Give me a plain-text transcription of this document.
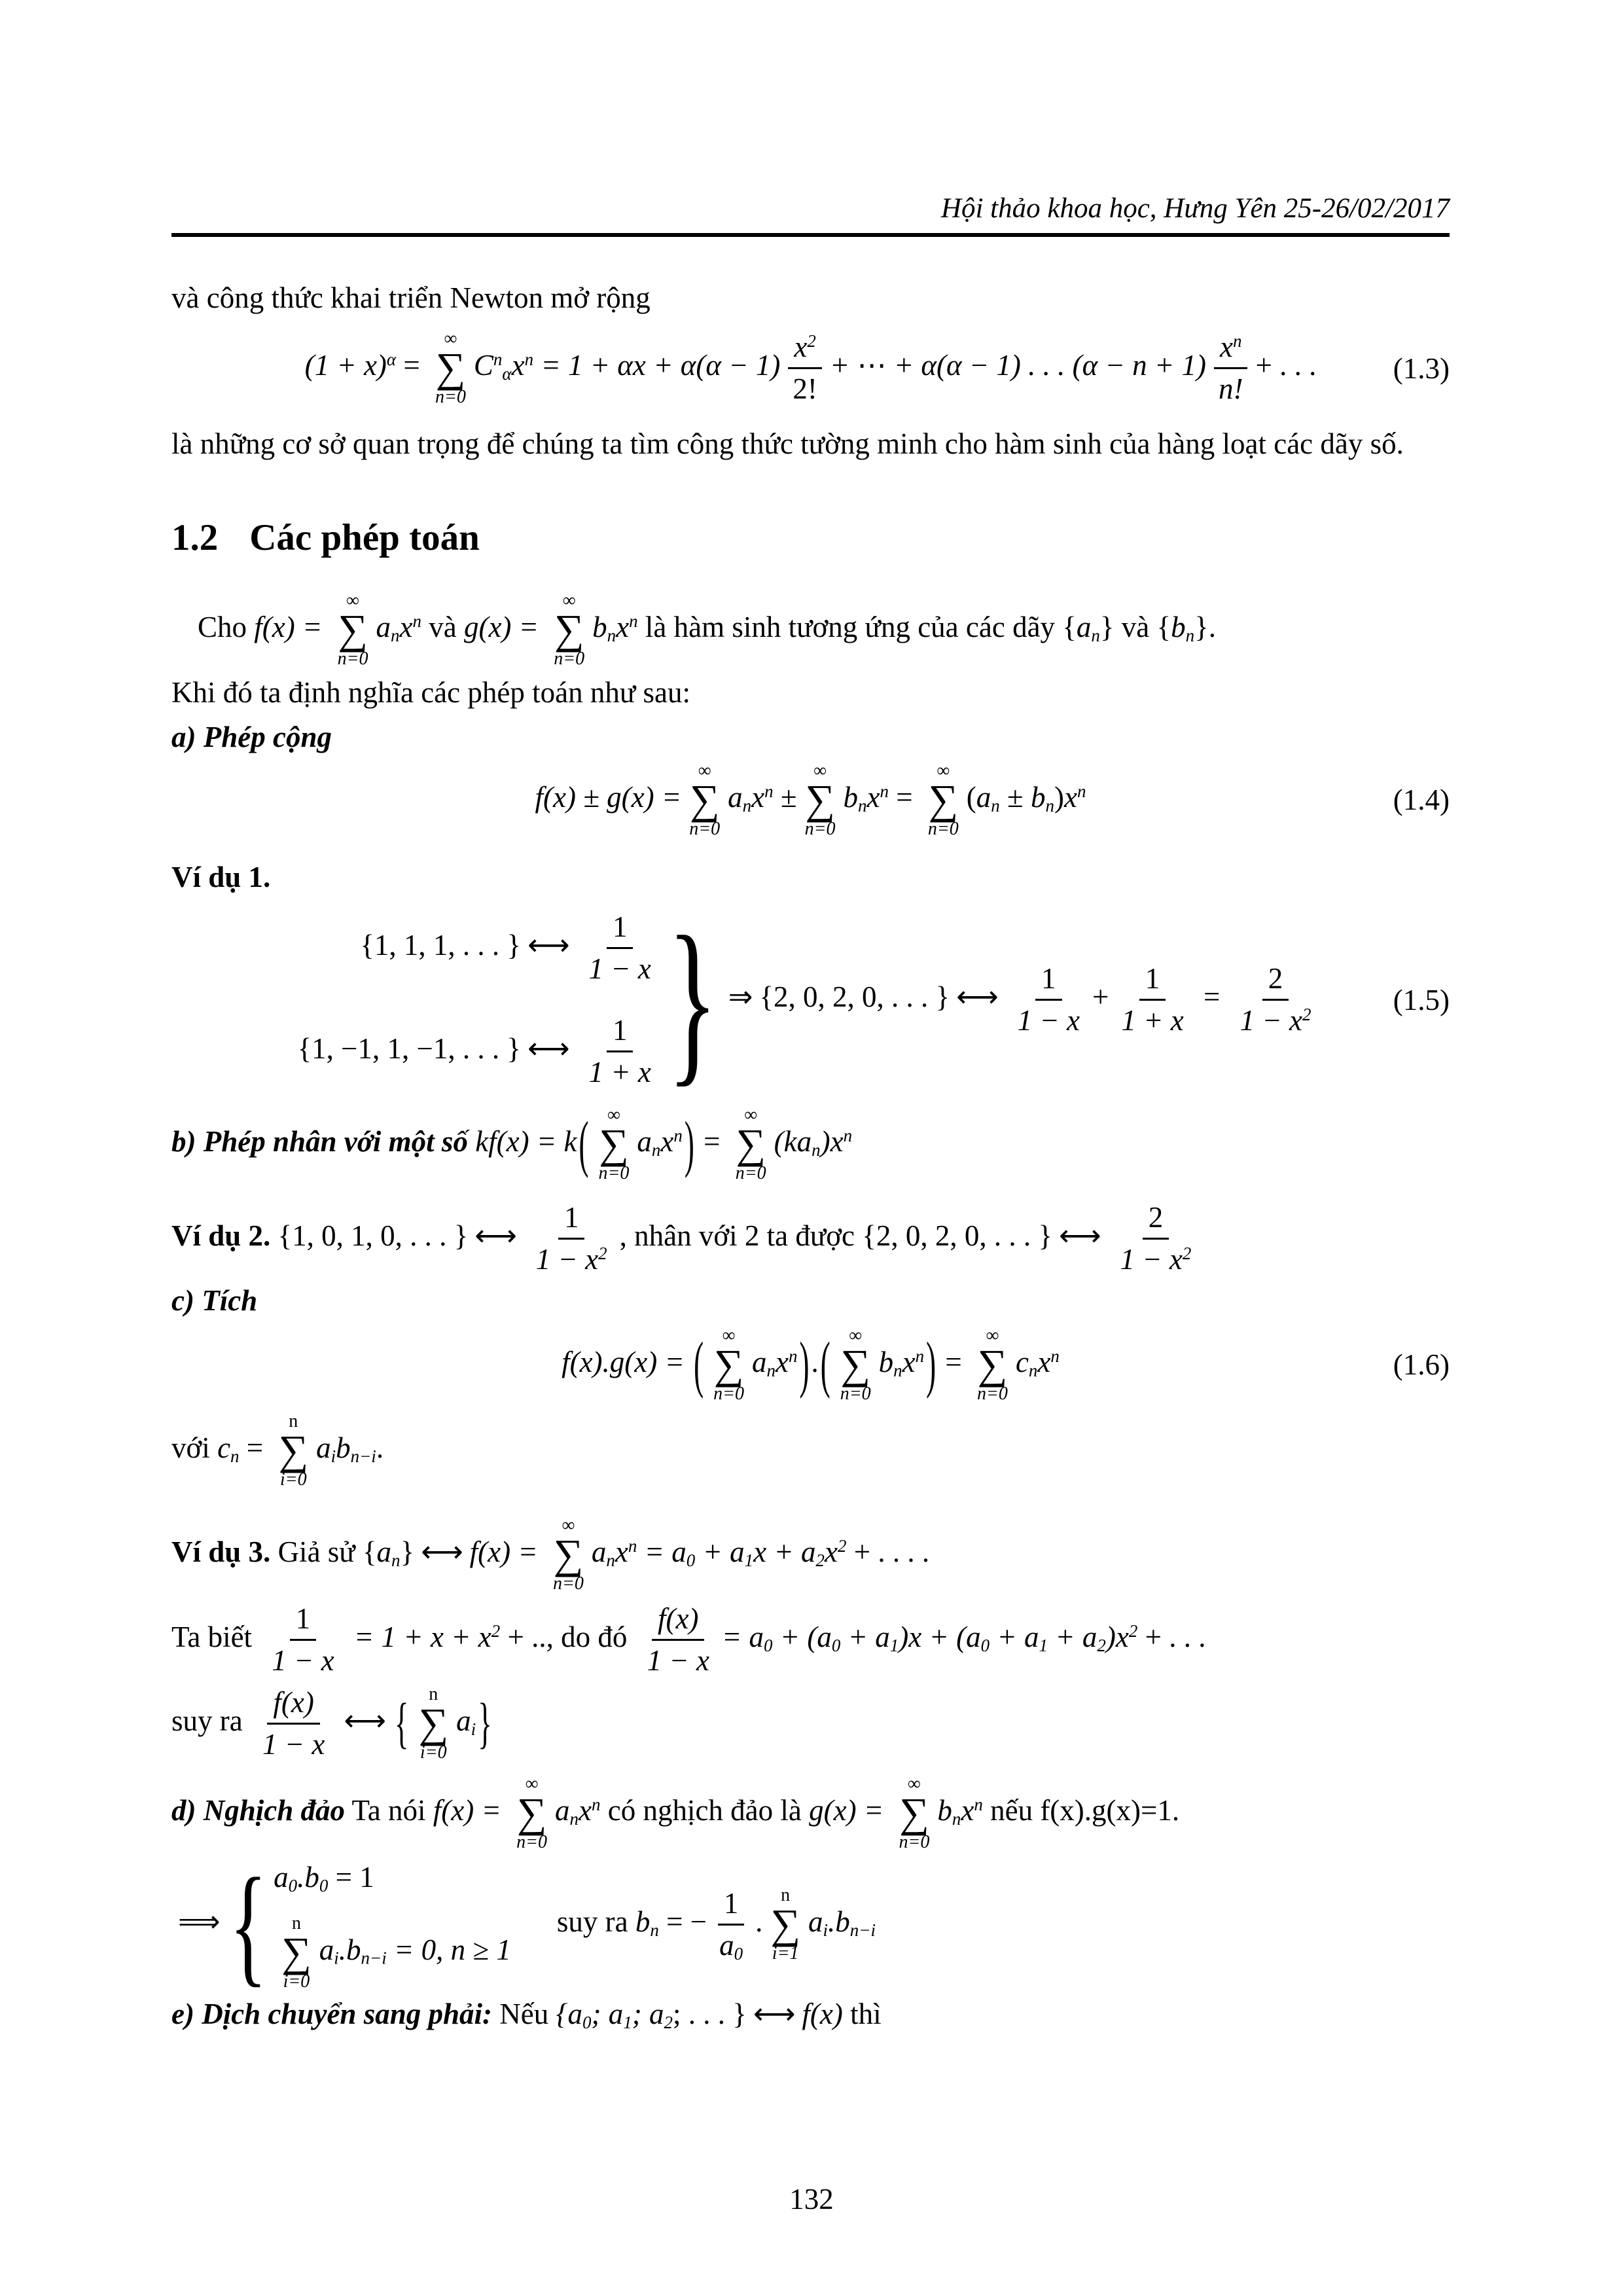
Hội thảo khoa học, Hưng Yên 25-26/02/2017

và công thức khai triển Newton mở rộng

$(1 + x)^\alpha$ =
∞
∑
n=0
$C^n_\alpha x^n = 1 + \alpha x + \alpha(\alpha - 1) \frac{x^2}{2!}$ + ⋯ + α(α − 1) . . . $(\alpha - n + 1) \frac{x^n}{n!}$ + . . .	(1.3)

là những cơ sở quan trọng để chúng ta tìm công thức tường minh cho hàm sinh của hàng loạt các dãy số.

1.2 Các phép toán
Cho f(x) =
∞
∑
n=0
$a_nx^n$ và g(x) =
∞
∑
n=0
$b_nx^n$ là hàm sinh tương ứng của các dãy $\{a_n\}$ và $\{b_n\}$.
Khi đó ta định nghĩa các phép toán như sau:
a) Phép cộng
f(x) ± g(x) =
∞
∑
n=0
$a_nx^n$ ±
∞
∑
n=0
$b_nx^n$ =
∞
∑
n=0
$(a_n \pm b_n)x^n$	(1.4)
Ví dụ 1.
{1, 1, 1, . . . } ⟷ $\frac{1}{1 - x}$
{1, −1, 1, −1, . . . } ⟷ $\frac{1}{1 + x}$ } ⇒ {2, 0, 2, 0, . . . } ⟷ $\frac{1}{1 - x} + \frac{1}{1 + x} = \frac{2}{1 - x^2}$	(1.5)
b) Phép nhân với một số kf(x) = k( ∞
∑
n=0
$a_nx^n$) =
∞
∑
n=0
$(ka_n)x^n$
Ví dụ 2. {1, 0, 1, 0, . . . } ⟷ $\frac{1}{1 - x^2}$ , nhân với 2 ta được {2, 0, 2, 0, . . . } ⟷ $\frac{2}{1 - x^2}$
c) Tích
f(x).g(x) = ( ∞
∑
n=0
$a_nx^n$).( ∞
∑
n=0
$b_nx^n$) =
∞
∑
n=0
$c_nx^n$	(1.6)
với $c_n$ =
n
∑
i=0
$a_ib_{n-i}$.
Ví dụ 3. Giả sử $\{a_n\}$ ⟷ f(x) =
∞
∑
n=0
$a_nx^n = a_0 + a_1x + a_2x^2$ + . . . .
Ta biết $\frac{1}{1 - x} = 1 + x + x^2$ + .., do đó $\frac{f(x)}{1 - x} = a_0 + (a_0 + a_1)x + (a_0 + a_1 + a_2)x^2$ + . . .
suy ra $\frac{f(x)}{1 - x}$ ⟷ { n
∑
i=0
$a_i$}
d) Nghịch đảo Ta nói f(x) =
∞
∑
n=0
$a_nx^n$ có nghịch đảo là g(x) =
∞
∑
n=0
$b_nx^n$ nếu f(x).g(x)=1.
⟹ { $a_0.b_0 = 1$
n
∑
i=0
$a_i.b_{n-i} = 0$, n ≥ 1
suy ra $b_n$ = − $\frac{1}{a_0}$ .
n
∑
i=1
$a_i.b_{n-i}$
e) Dịch chuyển sang phải: Nếu {$a_0$; $a_1$; $a_2$; . . . } ⟷ f(x) thì
132
